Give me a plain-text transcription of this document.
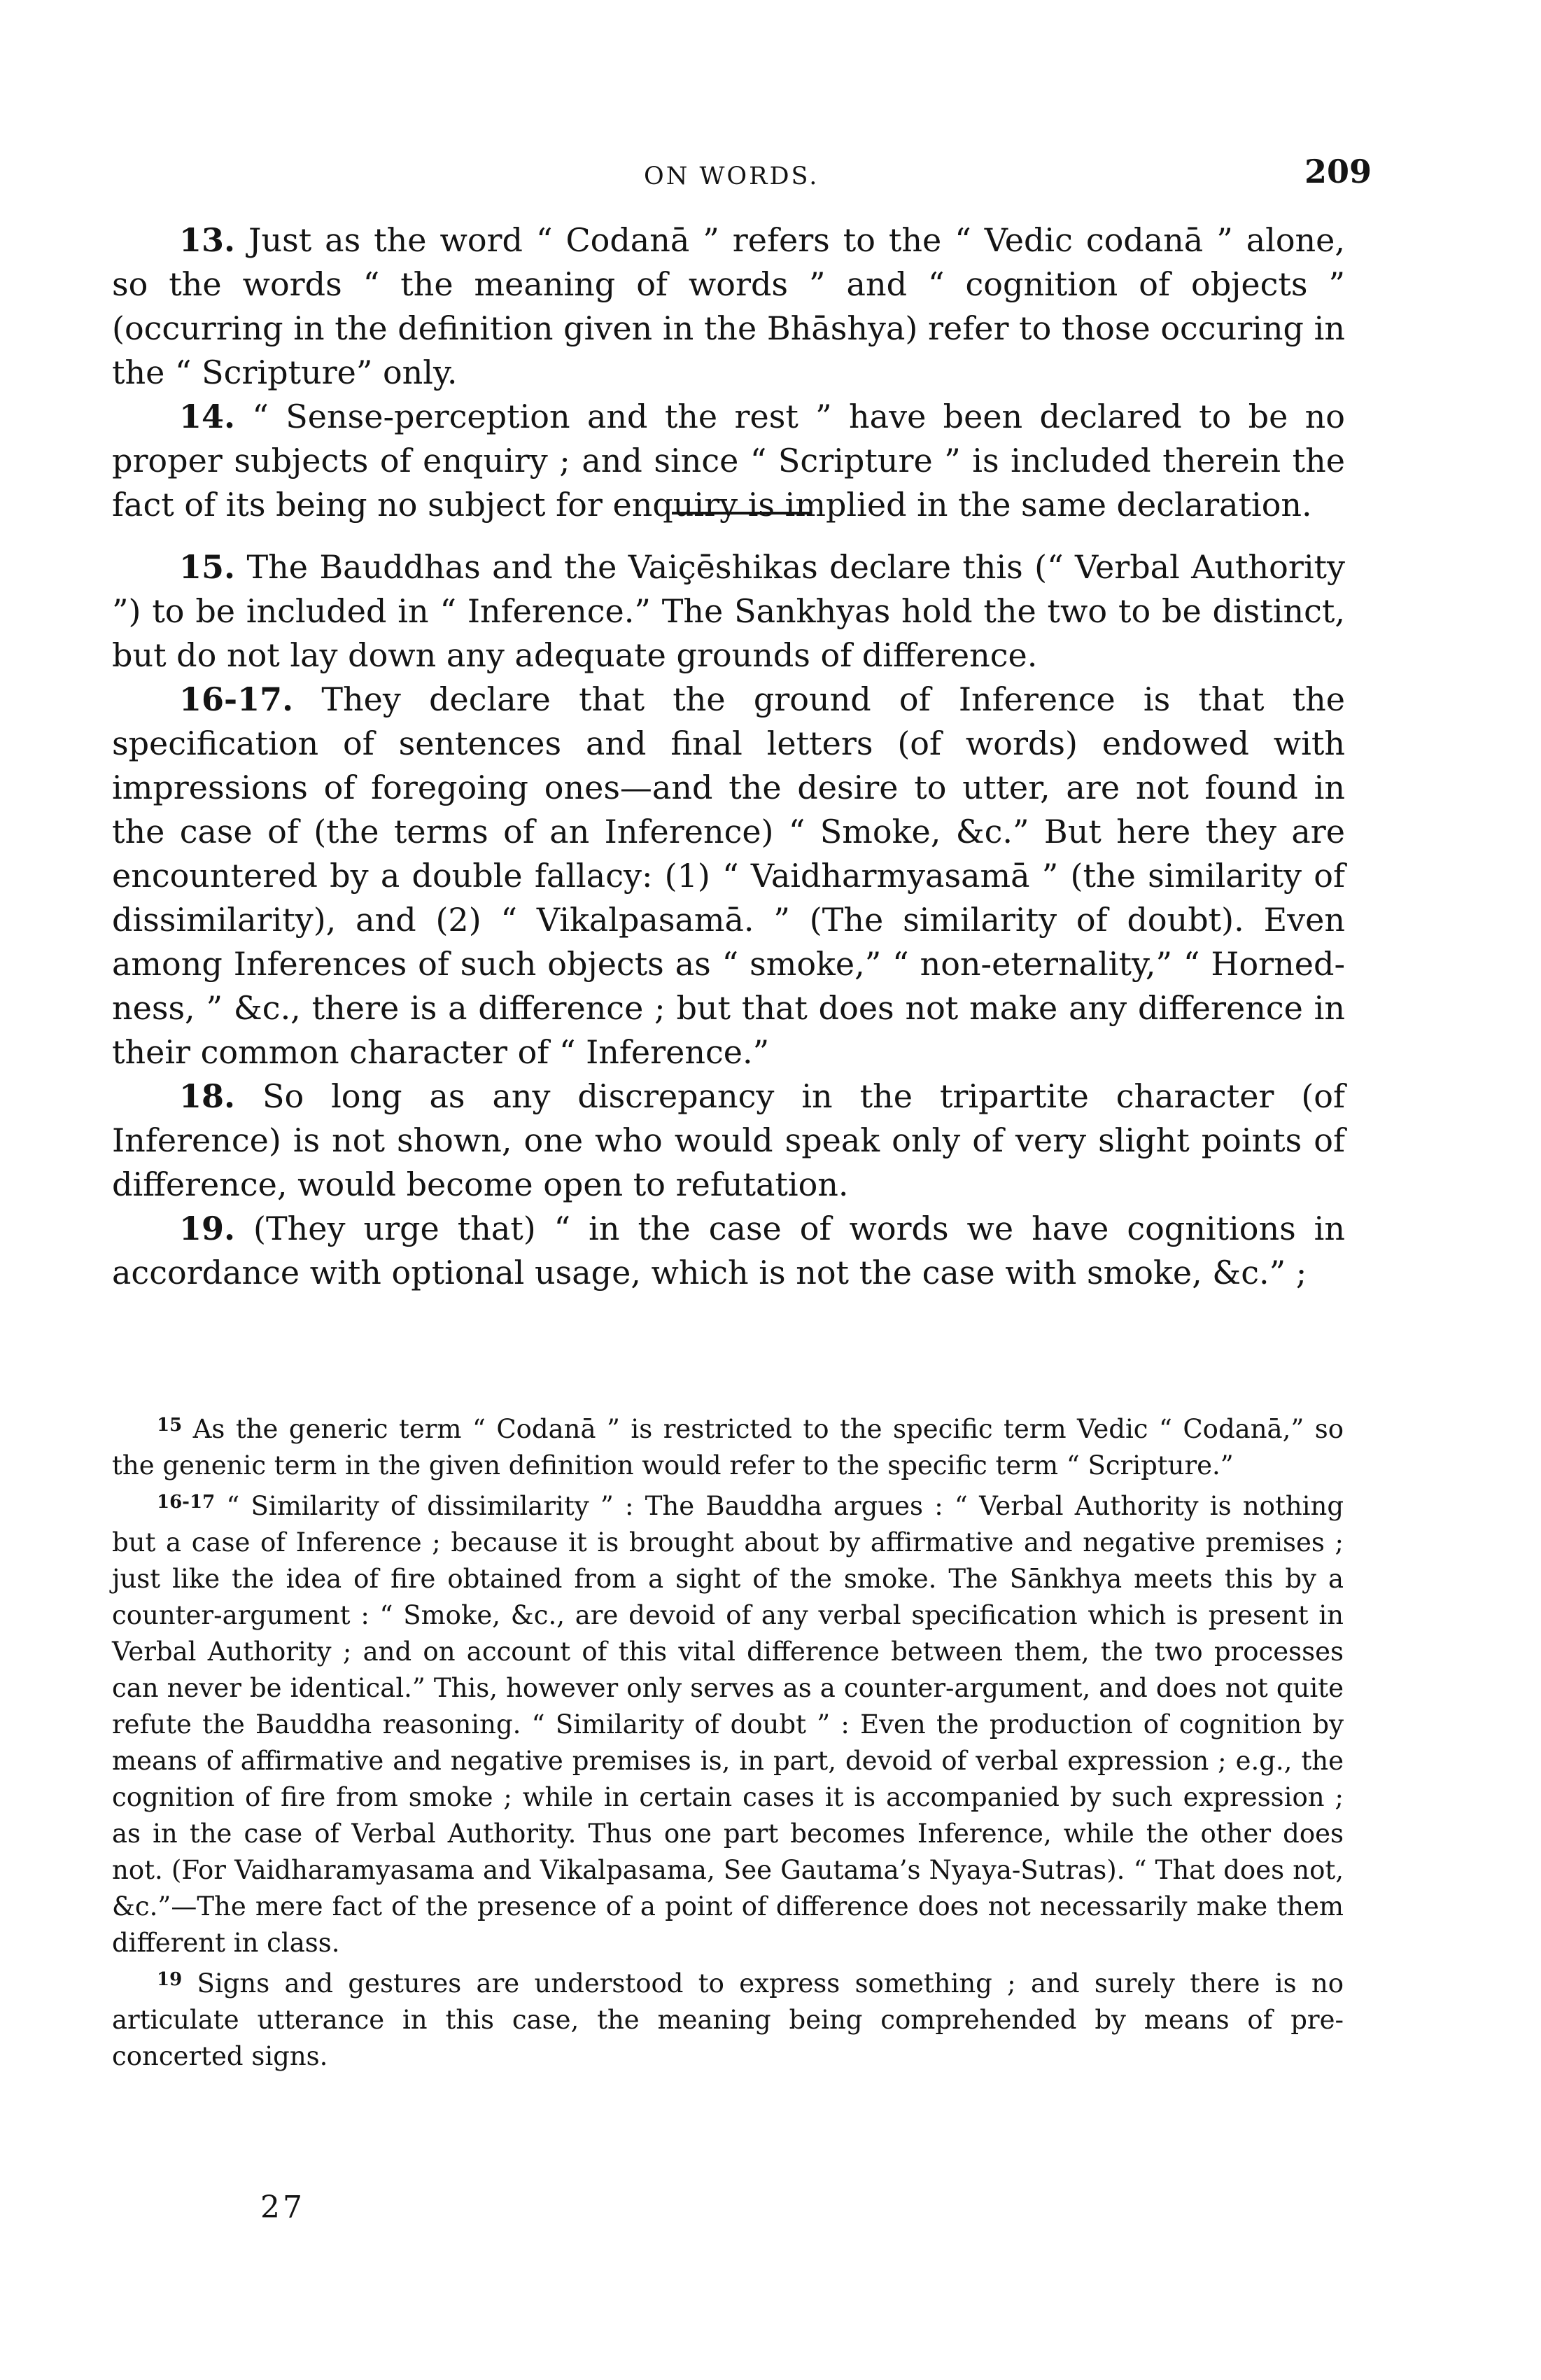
ON WORDS.	209

13. Just as the word “ Codanā ” refers to the “ Vedic codanā ” alone, so the words “ the meaning of words ” and “ cognition of objects ” (occurring in the definition given in the Bhāshya) refer to those occuring in the “ Scripture” only.

14. “ Sense-perception and the rest ” have been declared to be no proper subjects of enquiry ; and since “ Scripture ” is included therein the fact of its being no subject for enquiry is implied in the same declaration.

15. The Bauddhas and the Vaiçēshikas declare this (“ Verbal Authority ”) to be included in “ Inference.” The Sankhyas hold the two to be distinct, but do not lay down any adequate grounds of difference.

16-17. They declare that the ground of Inference is that the specification of sentences and final letters (of words) endowed with impressions of foregoing ones—and the desire to utter, are not found in the case of (the terms of an Inference) “ Smoke, &c.” But here they are encountered by a double fallacy: (1) “ Vaidharmyasamā ” (the similarity of dissimilarity), and (2) “ Vikalpasamā. ” (The similarity of doubt). Even among Inferences of such objects as “ smoke,” “ non-eternality,” “ Horned-ness, ” &c., there is a difference ; but that does not make any difference in their common character of “ Inference.”

18. So long as any discrepancy in the tripartite character (of Inference) is not shown, one who would speak only of very slight points of difference, would become open to refutation.

19. (They urge that) “ in the case of words we have cognitions in accordance with optional usage, which is not the case with smoke, &c.” ;

$^{15}$ As the generic term “ Codanā ” is restricted to the specific term Vedic “ Codanā,” so the genenic term in the given definition would refer to the specific term “ Scripture.”

$^{16-17}$ “ Similarity of dissimilarity ” : The Bauddha argues : “ Verbal Authority is nothing but a case of Inference ; because it is brought about by affirmative and negative premises ; just like the idea of fire obtained from a sight of the smoke. The Sānkhya meets this by a counter-argument : “ Smoke, &c., are devoid of any verbal specification which is present in Verbal Authority ; and on account of this vital difference between them, the two processes can never be identical.” This, however only serves as a counter-argument, and does not quite refute the Bauddha reasoning. “ Similarity of doubt ” : Even the production of cognition by means of affirmative and negative premises is, in part, devoid of verbal expression ; e.g., the cognition of fire from smoke ; while in certain cases it is accompanied by such expression ; as in the case of Verbal Authority. Thus one part becomes Inference, while the other does not. (For Vaidharamyasama and Vikalpasama, See Gautama’s Nyaya-Sutras). “ That does not, &c.”—The mere fact of the presence of a point of difference does not necessarily make them different in class.

$^{19}$ Signs and gestures are understood to express something ; and surely there is no articulate utterance in this case, the meaning being comprehended by means of pre-concerted signs.

27
